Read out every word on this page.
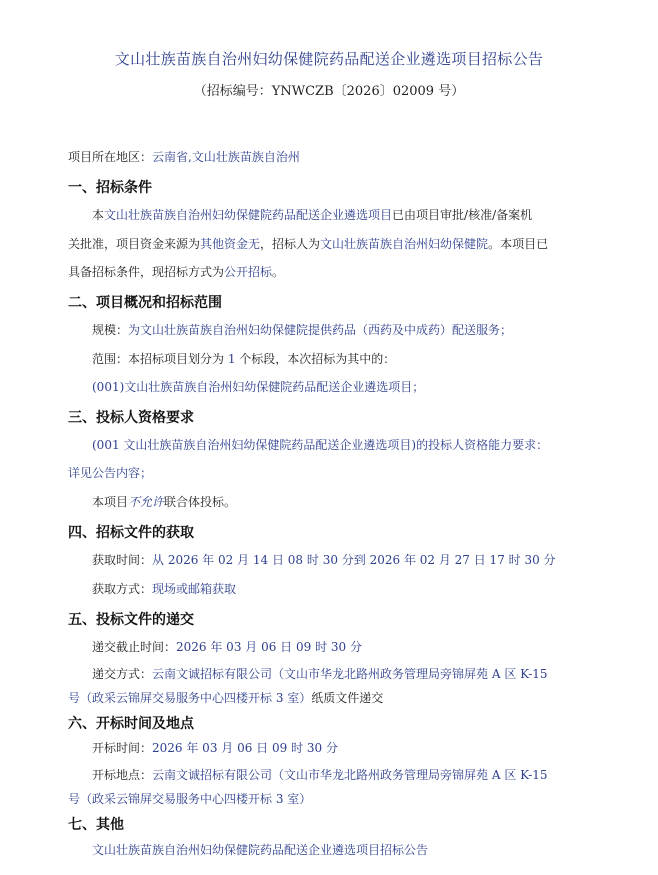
文山壮族苗族自治州妇幼保健院药品配送企业遴选项目招标公告
（招标编号：YNWCZB〔2026〕02009 号）
项目所在地区：云南省,文山壮族苗族自治州
一、招标条件
本文山壮族苗族自治州妇幼保健院药品配送企业遴选项目已由项目审批/核准/备案机
关批准，项目资金来源为其他资金无，招标人为文山壮族苗族自治州妇幼保健院。本项目已
具备招标条件，现招标方式为公开招标。
二、项目概况和招标范围
规模：为文山壮族苗族自治州妇幼保健院提供药品（西药及中成药）配送服务；
范围：本招标项目划分为 1 个标段，本次招标为其中的：
(001)文山壮族苗族自治州妇幼保健院药品配送企业遴选项目；
三、投标人资格要求
(001 文山壮族苗族自治州妇幼保健院药品配送企业遴选项目)的投标人资格能力要求：
详见公告内容；
本项目不允许联合体投标。
四、招标文件的获取
获取时间：从 2026 年 02 月 14 日 08 时 30 分到 2026 年 02 月 27 日 17 时 30 分
获取方式：现场或邮箱获取
五、投标文件的递交
递交截止时间：2026 年 03 月 06 日 09 时 30 分
递交方式：云南文诚招标有限公司（文山市华龙北路州政务管理局旁锦屏苑 A 区 K-15
号（政采云锦屏交易服务中心四楼开标 3 室）纸质文件递交
六、开标时间及地点
开标时间：2026 年 03 月 06 日 09 时 30 分
开标地点：云南文诚招标有限公司（文山市华龙北路州政务管理局旁锦屏苑 A 区 K-15
号（政采云锦屏交易服务中心四楼开标 3 室）
七、其他
文山壮族苗族自治州妇幼保健院药品配送企业遴选项目招标公告
